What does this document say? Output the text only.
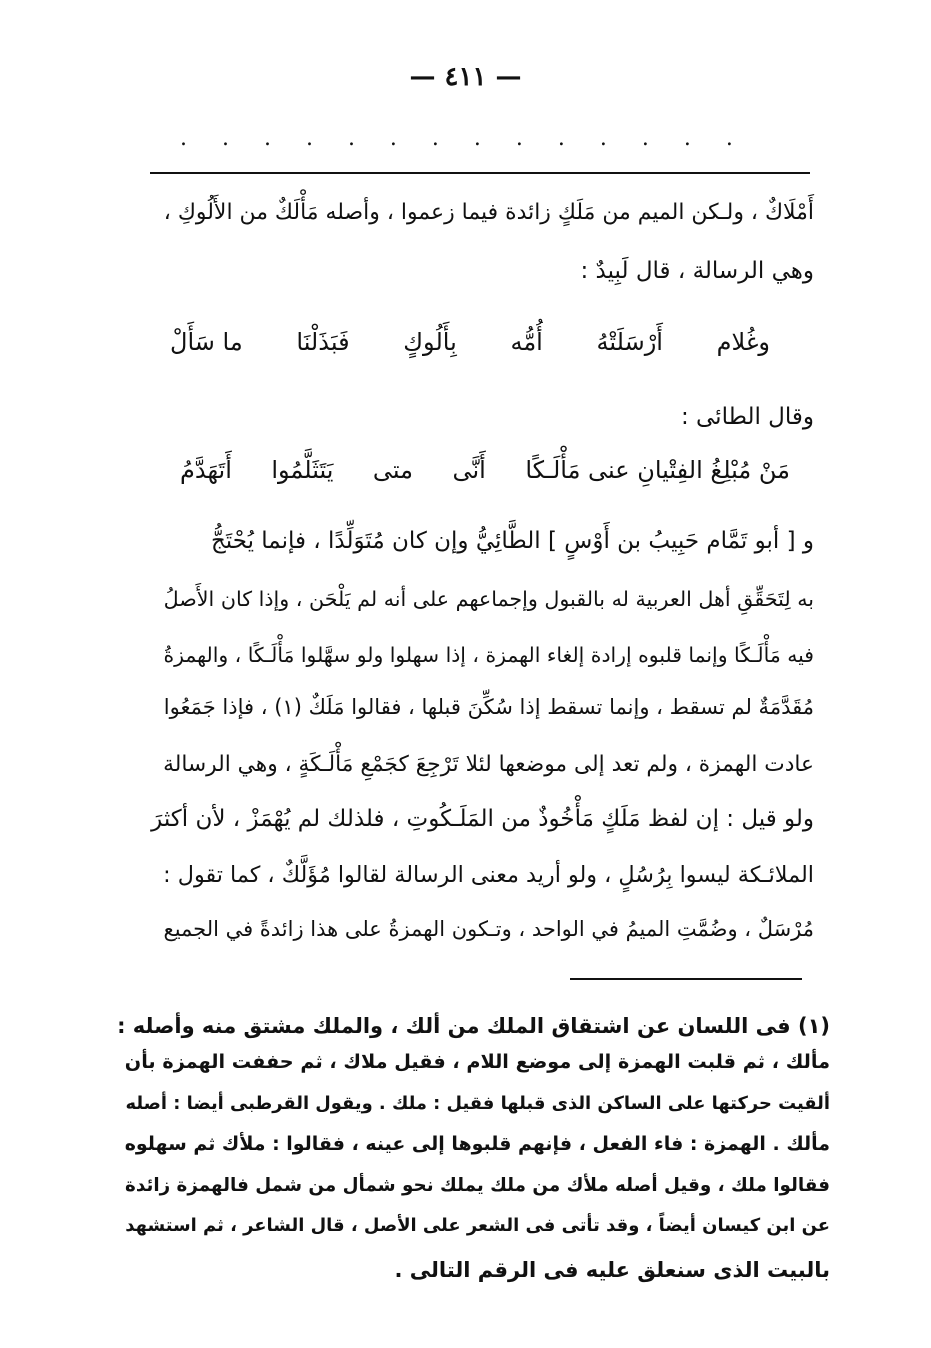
— ٤١١ —
. . . . . . . . . . . . . .
أَمْلَاكٌ ، ولـكن الميم من مَلَكٍ زائدة فيما زعموا ، وأصله مَأْلَكٌ من الأَلُوكِ ،
وهي الرسالة ، قال لَبِيدٌ :
وغُلام
أَرْسَلَتْهُ
أُمُّه
بِأَلُوكٍ
فَبَذَلْنَا
ما سَأَلْ
وقال الطائى :
مَنْ مُبْلِغُ الفِتْيانِ عنى مَأْلَـكًا
أَنَّى
متى
يَتَثَلَّمُوا
أَتَهَدَّمُ
و [ أبو تَمَّام حَبِيبُ بن أَوْسٍ ] الطَّائِيُّ وإن كان مُتَوَلِّدًا ، فإنما يُحْتَجُّ
به لِتَحَقِّقِ أهل العربية له بالقبول وإجماعهم على أنه لم يَلْحَن ، وإذا كان الأَصلُ
فيه مَأْلَـكًا وإنما قلبوه إرادة إلغاء الهمزة ، إذا سهلوا ولو سهَّلوا مَأْلَـكًا ، والهمزةُ
مُقَدَّمَةٌ لم تسقط ، وإنما تسقط إذا سُكِّنَ قبلها ، فقالوا مَلَكٌ (١) ، فإذا جَمَعُوا
عادت الهمزة ، ولم تعد إلى موضعها لئلا تَرْجِعَ كجَمْعِ مَأْلَـكَةٍ ، وهي الرسالة
ولو قيل : إن لفظ مَلَكٍ مَأْخُوذٌ من المَلَـكُوتِ ، فلذلك لم يُهْمَزْ ، لأن أكثرَ
الملائـكة ليسوا بِرُسُلٍ ، ولو أريد معنى الرسالة لقالوا مُؤَلَّكٌ ، كما تقول :
مُرْسَلٌ ، وضُمَّتِ الميمُ في الواحد ، وتـكون الهمزةُ على هذا زائدةً في الجميع
(١) فى اللسان عن اشتقاق الملك من ألك ، والملك مشتق منه وأصله :
مألك ، ثم قلبت الهمزة إلى موضع اللام ، فقيل ملاك ، ثم حففت الهمزة بأن
ألقيت حركتها على الساكن الذى قبلها فقيل : ملك . ويقول القرطبى أيضا : أصله
مألك . الهمزة : فاء الفعل ، فإنهم قلبوها إلى عينه ، فقالوا : ملأك ثم سهلوه
فقالوا ملك ، وقيل أصله ملأك من ملك يملك نحو شمأل من شمل فالهمزة زائدة
عن ابن كيسان أيضاً ، وقد تأتى فى الشعر على الأصل ، قال الشاعر ، ثم استشهد
بالبيت الذى سنعلق عليه فى الرقم التالى .
